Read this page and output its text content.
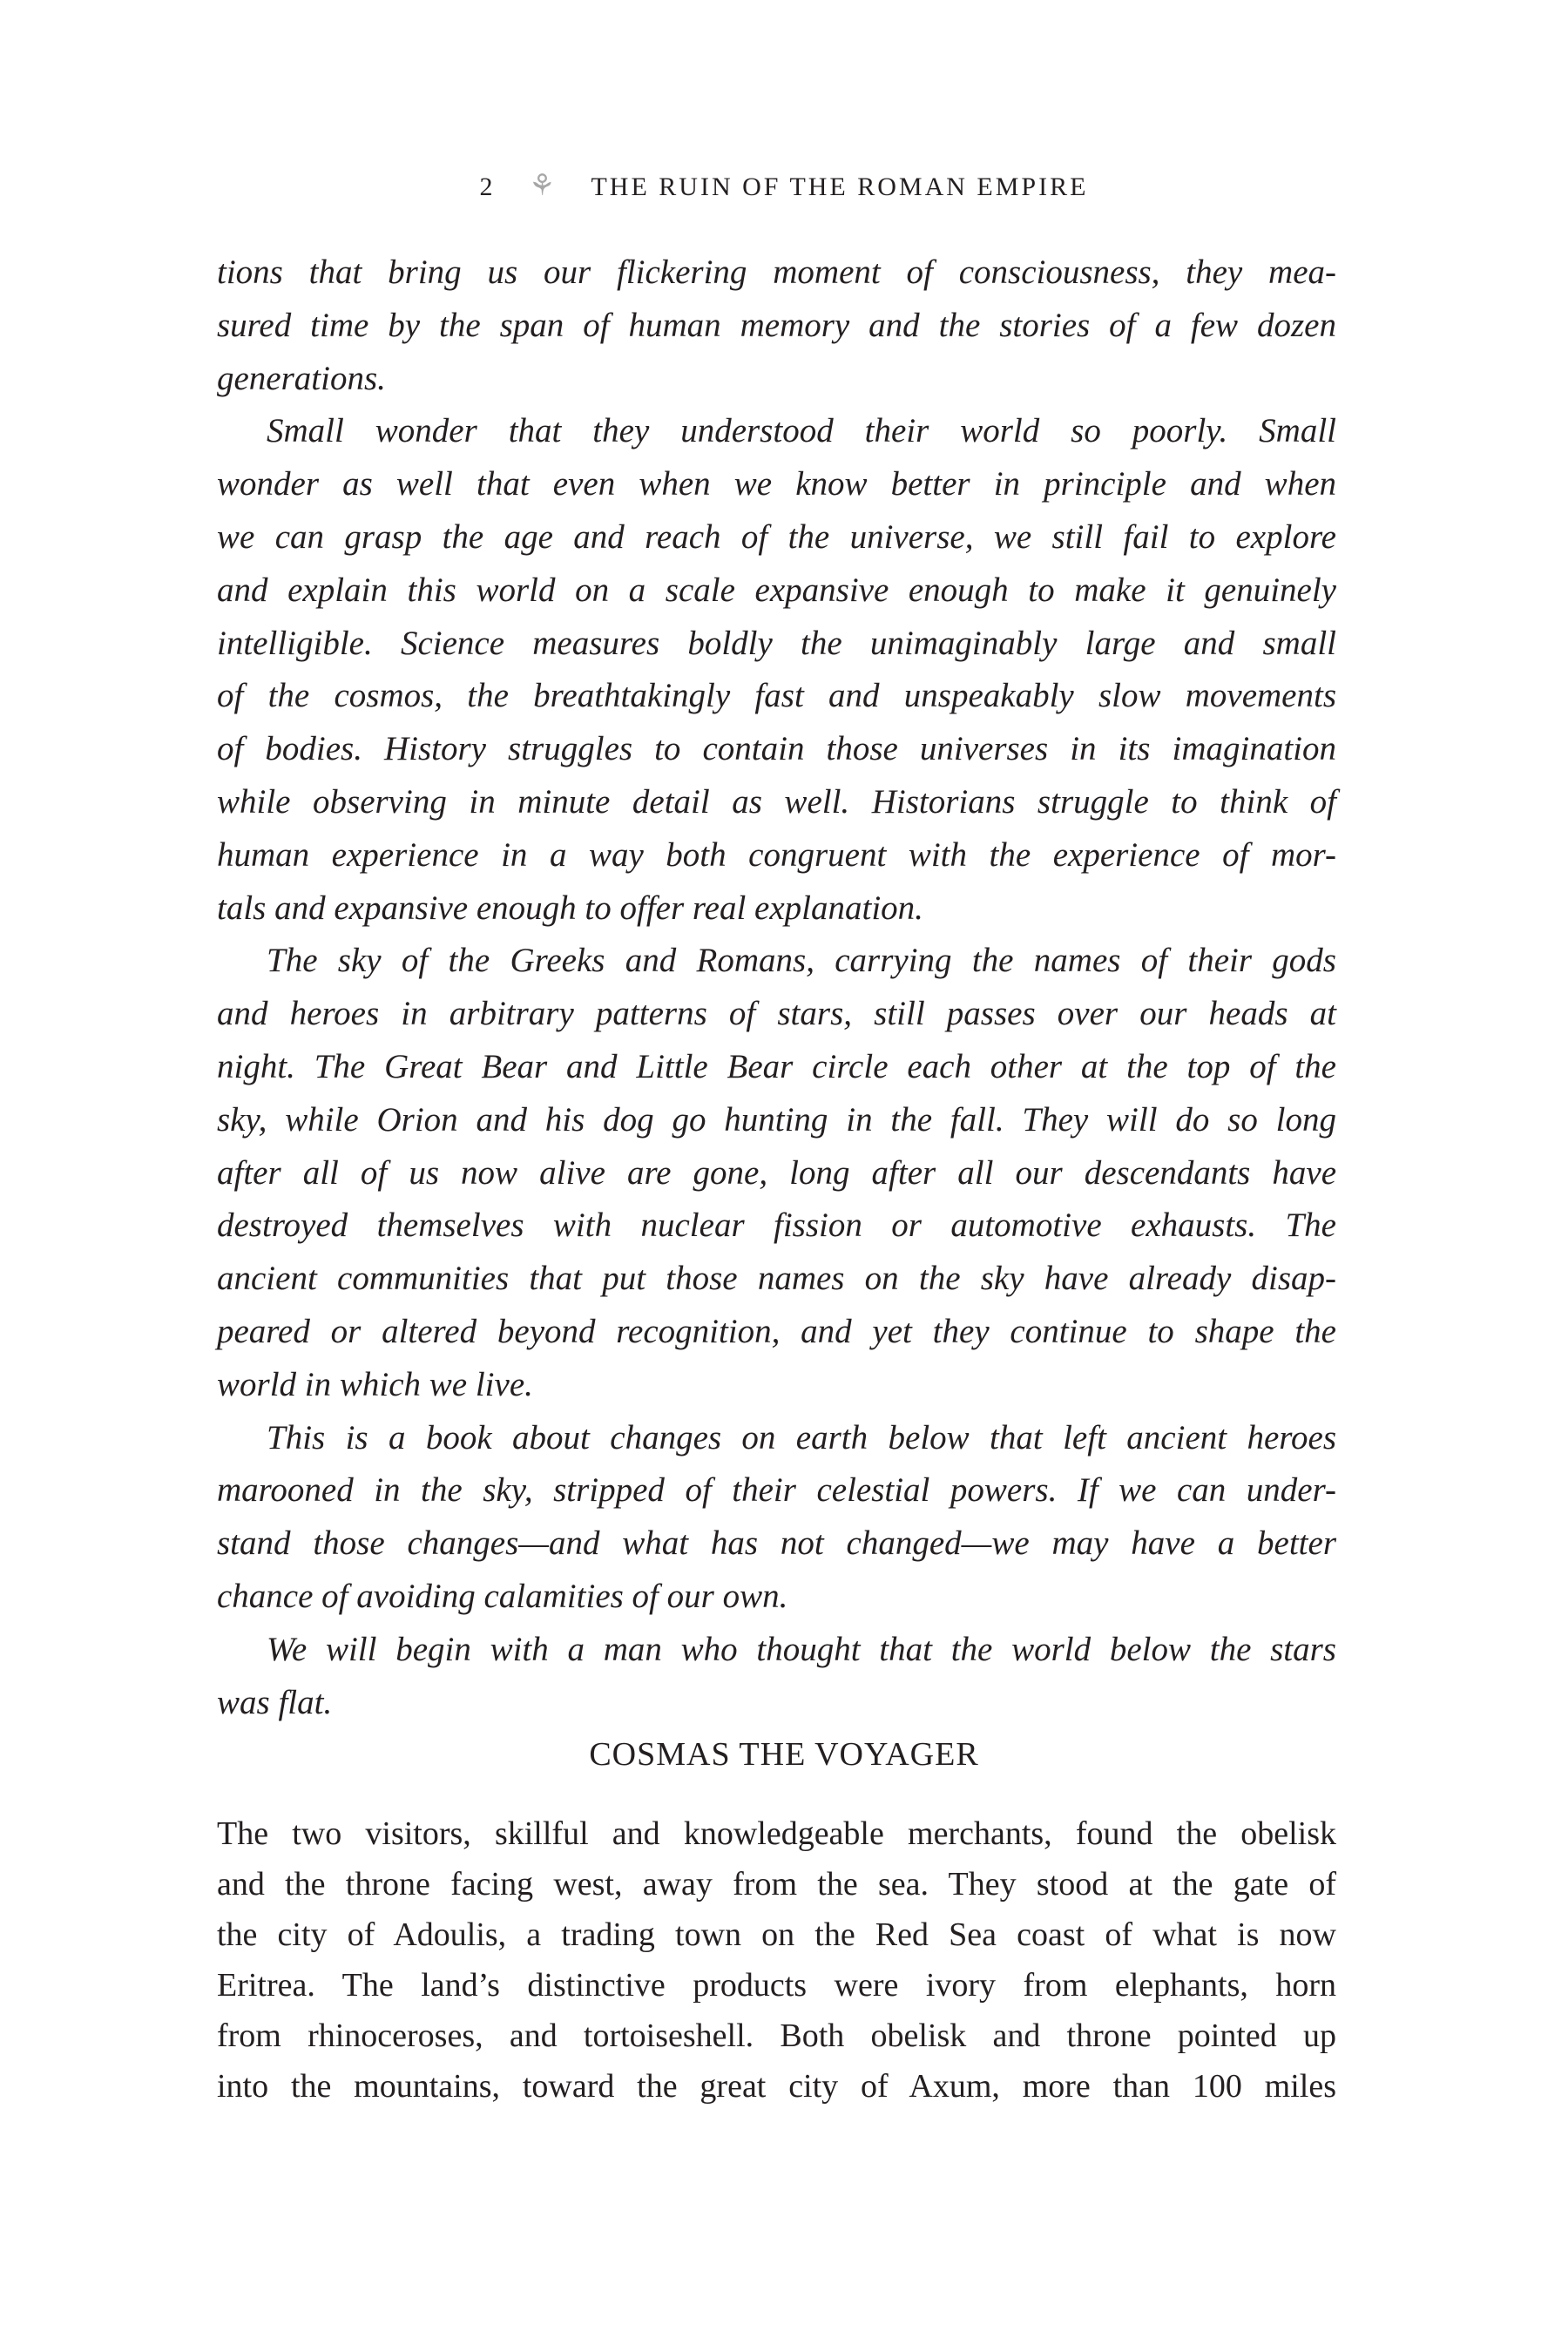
2 ⚘ THE RUIN OF THE ROMAN EMPIRE
tions that bring us our flickering moment of consciousness, they mea-
sured time by the span of human memory and the stories of a few dozen
generations.
Small wonder that they understood their world so poorly. Small
wonder as well that even when we know better in principle and when
we can grasp the age and reach of the universe, we still fail to explore
and explain this world on a scale expansive enough to make it genuinely
intelligible. Science measures boldly the unimaginably large and small
of the cosmos, the breathtakingly fast and unspeakably slow movements
of bodies. History struggles to contain those universes in its imagination
while observing in minute detail as well. Historians struggle to think of
human experience in a way both congruent with the experience of mor-
tals and expansive enough to offer real explanation.
The sky of the Greeks and Romans, carrying the names of their gods
and heroes in arbitrary patterns of stars, still passes over our heads at
night. The Great Bear and Little Bear circle each other at the top of the
sky, while Orion and his dog go hunting in the fall. They will do so long
after all of us now alive are gone, long after all our descendants have
destroyed themselves with nuclear fission or automotive exhausts. The
ancient communities that put those names on the sky have already disap-
peared or altered beyond recognition, and yet they continue to shape the
world in which we live.
This is a book about changes on earth below that left ancient heroes
marooned in the sky, stripped of their celestial powers. If we can under-
stand those changes—and what has not changed—we may have a better
chance of avoiding calamities of our own.
We will begin with a man who thought that the world below the stars
was flat.
COSMAS THE VOYAGER
The two visitors, skillful and knowledgeable merchants, found the obelisk
and the throne facing west, away from the sea. They stood at the gate of
the city of Adoulis, a trading town on the Red Sea coast of what is now
Eritrea. The land’s distinctive products were ivory from elephants, horn
from rhinoceroses, and tortoiseshell. Both obelisk and throne pointed up
into the mountains, toward the great city of Axum, more than 100 miles
